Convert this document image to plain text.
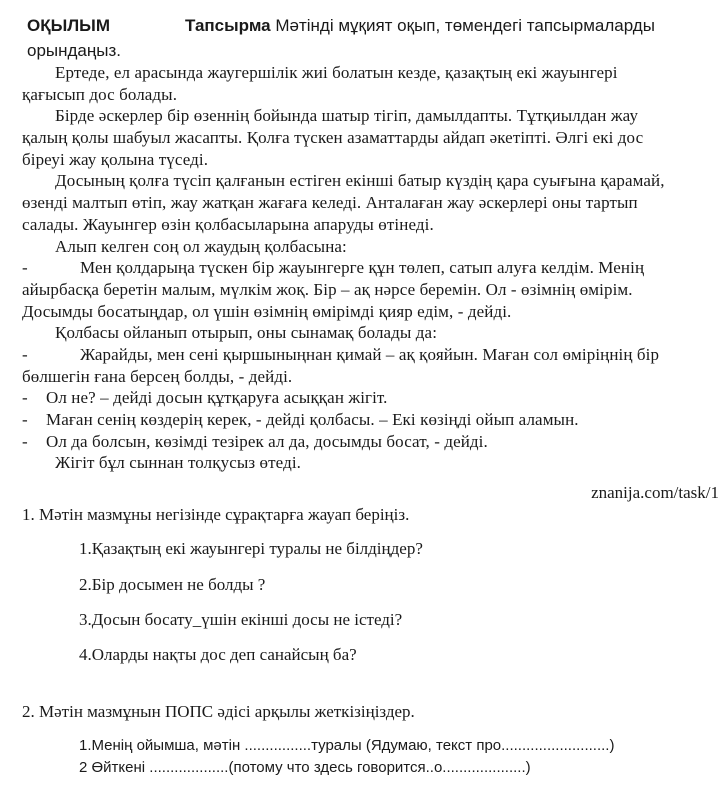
ОҚЫЛЫМ	Тапсырма Мәтінді мұқият оқып, төмендегі тапсырмаларды
орындаңыз.
Ертеде, ел арасында жаугершілік жиі болатын кезде, қазақтың екі жауынгері
қағысып дос болады.
Бірде әскерлер бір өзеннің бойында шатыр тігіп, дамылдапты. Тұтқиылдан жау
қалың қолы шабуыл жасапты. Қолға түскен азаматтарды айдап әкетіпті. Әлгі екі дос
біреуі жау қолына түседі.
Досының қолға түсіп қалғанын естіген екінші батыр күздің қара суығына қарамай,
өзенді малтып өтіп, жау жатқан жағаға келеді. Анталаған жау әскерлері оны тартып
салады. Жауынгер өзін қолбасыларына апаруды өтінеді.
Алып келген соң ол жаудың қолбасына:
-	Мен қолдарыңа түскен бір жауынгерге құн төлеп, сатып алуға келдім. Менің
айырбасқа беретін малым, мүлкім жоқ. Бір – ақ нәрсе беремін. Ол - өзімнің өмірім.
Досымды босатыңдар, ол үшін өзімнің өмірімді қияр едім, - дейді.
Қолбасы ойланып отырып, оны сынамақ болады да:
-	Жарайды, мен сені қыршыныңнан қимай – ақ қояйын. Маған сол өміріңнің бір
бөлшегін ғана берсең болды, - дейді.
-	Ол не? – дейді досын құтқаруға асыққан жігіт.
-	Маған сенің көздерің керек, - дейді қолбасы. – Екі көзіңді ойып аламын.
-	Ол да болсын, көзімді тезірек ал да, досымды босат, - дейді.
Жігіт бұл сыннан толқусыз өтеді.
znanija.com/task/1
1. Мәтін мазмұны негізінде сұрақтарға жауап беріңіз.
1.Қазақтың екі жауынгері туралы не білдіңдер?
2.Бір досымен не болды ?
3.Досын босату_үшін екінші досы не істеді?
4.Оларды нақты дос деп санайсың ба?
2. Мәтін мазмұнын ПОПС әдісі арқылы жеткізіңіздер.
1.Менің ойымша, мәтін ................туралы (Ядумаю, текст про..........................)
2 Өйткені ...................(потому что здесь говорится..о....................)
